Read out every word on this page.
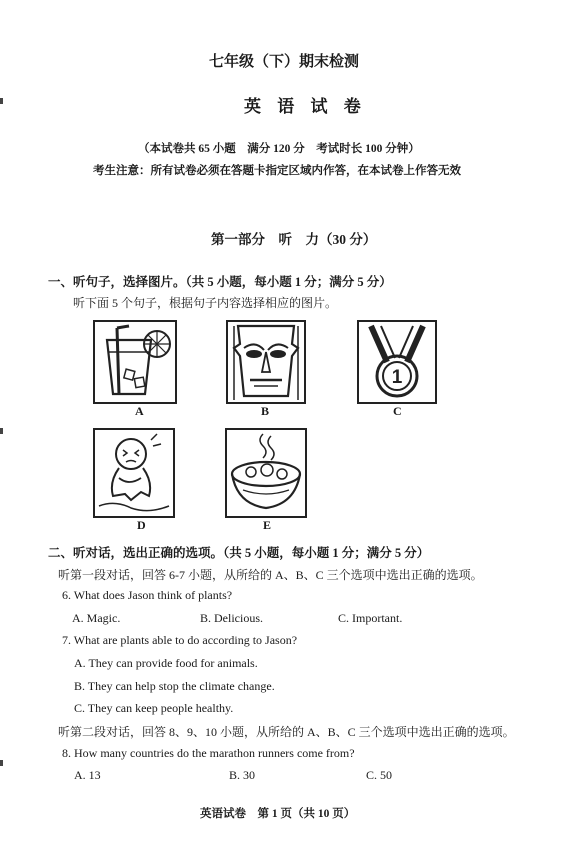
七年级（下）期末检测
英 语 试 卷
（本试卷共 65 小题　满分 120 分　考试时长 100 分钟）
考生注意：所有试卷必须在答题卡指定区域内作答，在本试卷上作答无效
第一部分　听　力（30 分）
一、听句子，选择图片。（共 5 小题，每小题 1 分；满分 5 分）
听下面 5 个句子，根据句子内容选择相应的图片。
A	B
1
C
D	E
二、听对话，选出正确的选项。（共 5 小题，每小题 1 分；满分 5 分）
听第一段对话，回答 6-7 小题，从所给的 A、B、C 三个选项中选出正确的选项。
6. What does Jason think of plants?
A. Magic.	B. Delicious.	C. Important.
7. What are plants able to do according to Jason?
A. They can provide food for animals.
B. They can help stop the climate change.
C. They can keep people healthy.
听第二段对话，回答 8、9、10 小题，从所给的 A、B、C 三个选项中选出正确的选项。
8. How many countries do the marathon runners come from?
A. 13	B. 30	C. 50
英语试卷　第 1 页（共 10 页）
